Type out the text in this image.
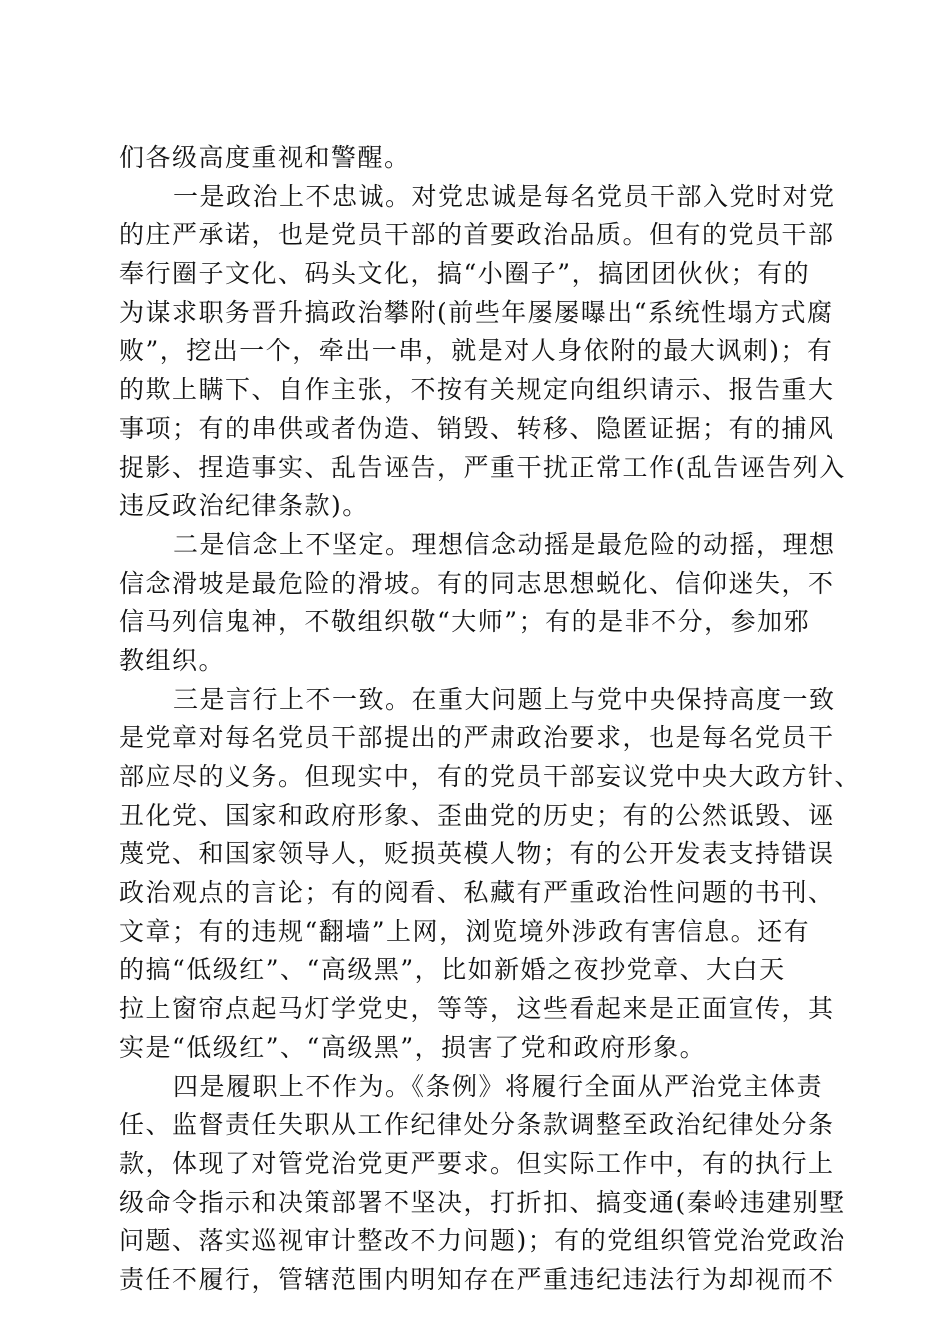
们各级高度重视和警醒。
一是政治上不忠诚。对党忠诚是每名党员干部入党时对党
的庄严承诺，也是党员干部的首要政治品质。但有的党员干部
奉行圈子文化、码头文化，搞“小圈子”，搞团团伙伙；有的
为谋求职务晋升搞政治攀附(前些年屡屡曝出“系统性塌方式腐
败”，挖出一个，牵出一串，就是对人身依附的最大讽刺)；有
的欺上瞒下、自作主张，不按有关规定向组织请示、报告重大
事项；有的串供或者伪造、销毁、转移、隐匿证据；有的捕风
捉影、捏造事实、乱告诬告，严重干扰正常工作(乱告诬告列入
违反政治纪律条款)。
二是信念上不坚定。理想信念动摇是最危险的动摇，理想
信念滑坡是最危险的滑坡。有的同志思想蜕化、信仰迷失，不
信马列信鬼神，不敬组织敬“大师”；有的是非不分，参加邪
教组织。
三是言行上不一致。在重大问题上与党中央保持高度一致
是党章对每名党员干部提出的严肃政治要求，也是每名党员干
部应尽的义务。但现实中，有的党员干部妄议党中央大政方针、
丑化党、国家和政府形象、歪曲党的历史；有的公然诋毁、诬
蔑党、和国家领导人，贬损英模人物；有的公开发表支持错误
政治观点的言论；有的阅看、私藏有严重政治性问题的书刊、
文章；有的违规“翻墙”上网，浏览境外涉政有害信息。还有
的搞“低级红”、“高级黑”，比如新婚之夜抄党章、大白天
拉上窗帘点起马灯学党史，等等，这些看起来是正面宣传，其
实是“低级红”、“高级黑”，损害了党和政府形象。
四是履职上不作为。《条例》将履行全面从严治党主体责
任、监督责任失职从工作纪律处分条款调整至政治纪律处分条
款，体现了对管党治党更严要求。但实际工作中，有的执行上
级命令指示和决策部署不坚决，打折扣、搞变通(秦岭违建别墅
问题、落实巡视审计整改不力问题)；有的党组织管党治党政治
责任不履行，管辖范围内明知存在严重违纪违法行为却视而不
